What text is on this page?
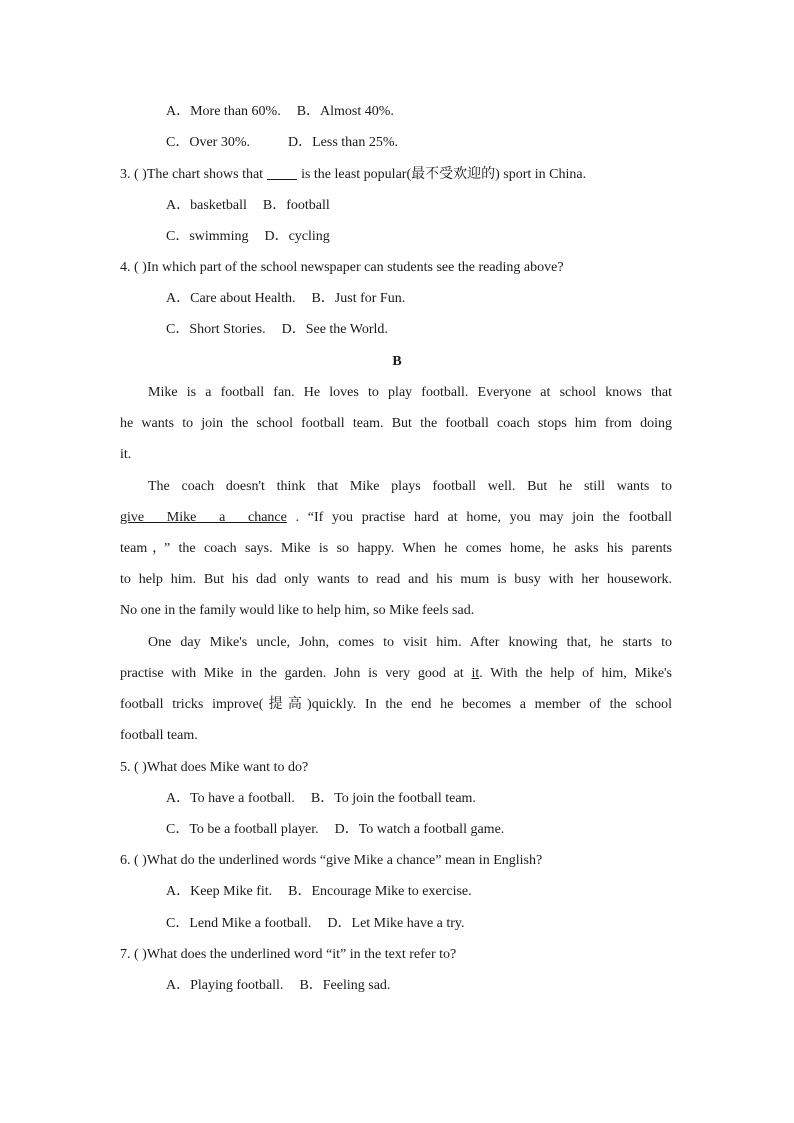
A．More than 60%. B．Almost 40%.
C．Over 30%.	D．Less than 25%.
3. ( )The chart shows that	is the least popular(最不受欢迎的) sport in China.
A．basketball B．football
C．swimming D．cycling
4. ( )In which part of the school newspaper can students see the reading above?
A．Care about Health. B．Just for Fun.
C．Short Stories. D．See the World.
B
Mike is a football fan. He loves to play football. Everyone at school knows that
he wants to join the school football team. But the football coach stops him from doing
it.
The coach doesn't think that Mike plays football well. But he still wants to
give Mike a chance . “If you practise hard at home, you may join the football
team，” the coach says. Mike is so happy. When he comes home, he asks his parents
to help him. But his dad only wants to read and his mum is busy with her housework.
No one in the family would like to help him, so Mike feels sad.
One day Mike's uncle, John, comes to visit him. After knowing that, he starts to
practise with Mike in the garden. John is very good at it. With the help of him, Mike's
football tricks improve(提高)quickly. In the end he becomes a member of the school
football team.
5. ( )What does Mike want to do?
A．To have a football. B．To join the football team.
C．To be a football player. D．To watch a football game.
6. ( )What do the underlined words “give Mike a chance” mean in English?
A．Keep Mike fit. B．Encourage Mike to exercise.
C．Lend Mike a football. D．Let Mike have a try.
7. ( )What does the underlined word “it” in the text refer to?
A．Playing football. B．Feeling sad.
